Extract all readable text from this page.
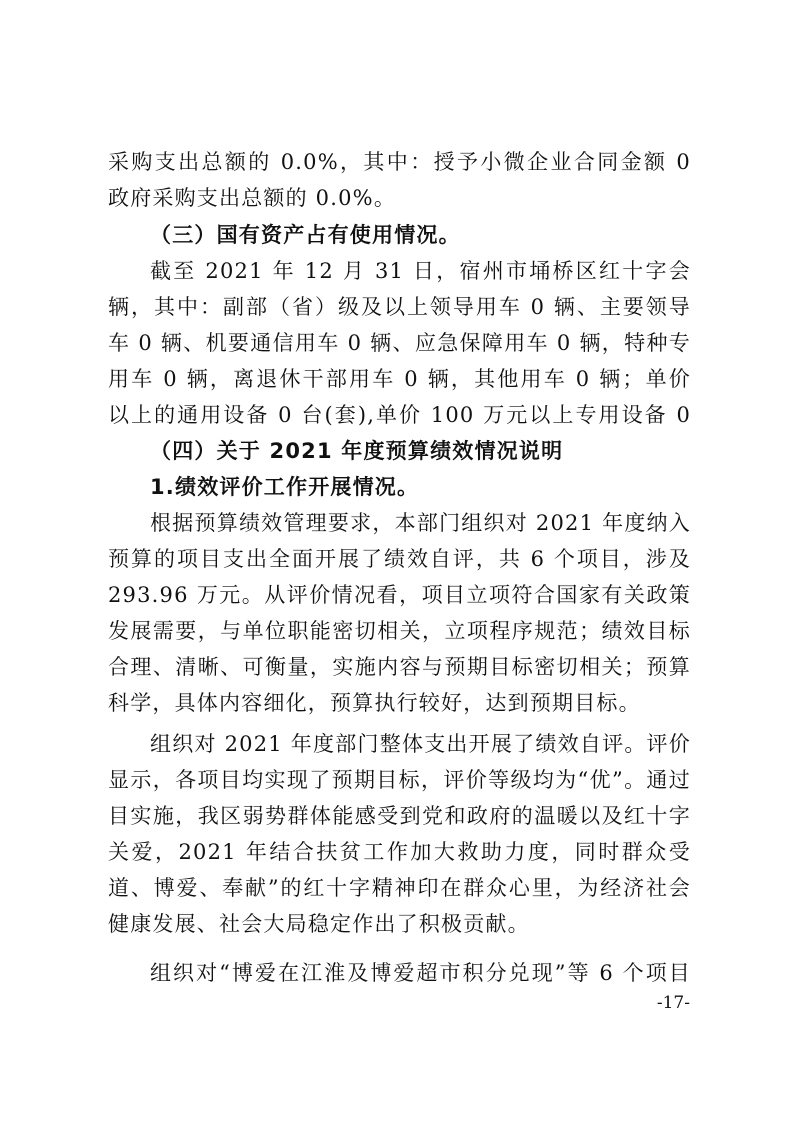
采购支出总额的 0.0%，其中：授予小微企业合同金额 0
政府采购支出总额的 0.0%。
（三）国有资产占有使用情况。
截至 2021 年 12 月 31 日，宿州市埇桥区红十字会
辆，其中：副部（省）级及以上领导用车 0 辆、主要领导
车 0 辆、机要通信用车 0 辆、应急保障用车 0 辆，特种专
用车 0 辆，离退休干部用车 0 辆，其他用车 0 辆；单价
以上的通用设备 0 台(套),单价 100 万元以上专用设备 0
（四）关于 2021 年度预算绩效情况说明
1.绩效评价工作开展情况。
根据预算绩效管理要求，本部门组织对 2021 年度纳入
预算的项目支出全面开展了绩效自评，共 6 个项目，涉及
293.96 万元。从评价情况看，项目立项符合国家有关政策
发展需要，与单位职能密切相关，立项程序规范；绩效目标
合理、清晰、可衡量，实施内容与预期目标密切相关；预算
科学，具体内容细化，预算执行较好，达到预期目标。
组织对 2021 年度部门整体支出开展了绩效自评。评价
显示，各项目均实现了预期目标，评价等级均为“优”。通过
目实施，我区弱势群体能感受到党和政府的温暖以及红十字
关爱，2021 年结合扶贫工作加大救助力度，同时群众受
道、博爱、奉献”的红十字精神印在群众心里，为经济社会
健康发展、社会大局稳定作出了积极贡献。
组织对“博爱在江淮及博爱超市积分兑现”等 6 个项目
-17-
